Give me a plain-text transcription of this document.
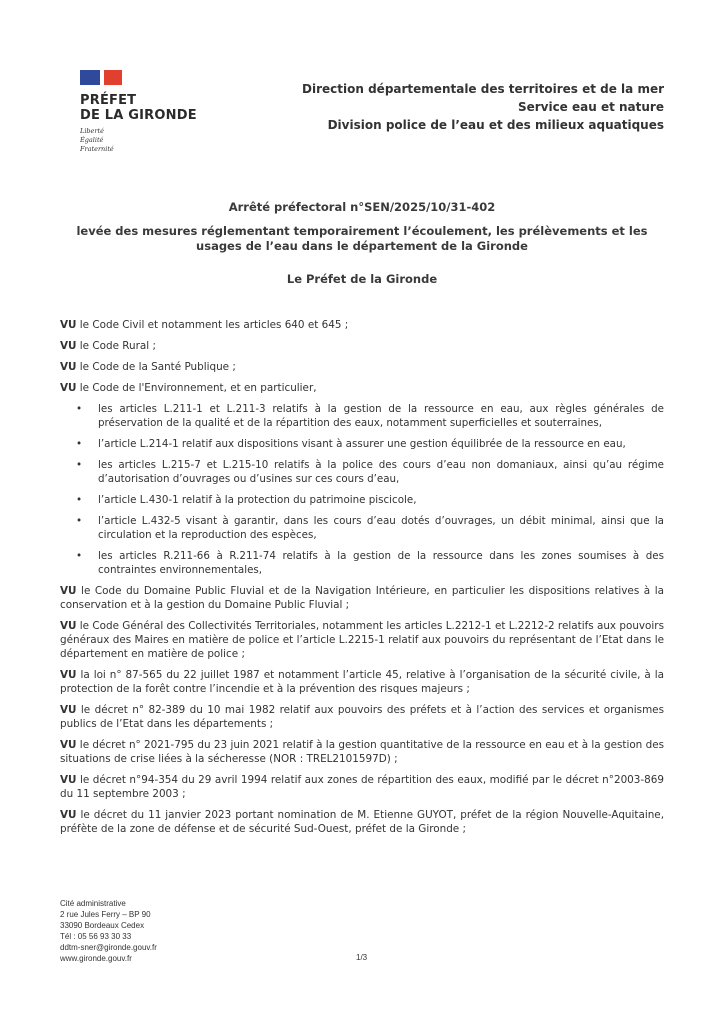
PRÉFET
DE LA GIRONDE
Liberté
Égalité
Fraternité
Direction départementale des territoires et de la mer
Service eau et nature
Division police de l’eau et des milieux aquatiques
Arrêté préfectoral n°SEN/2025/10/31-402
levée des mesures réglementant temporairement l’écoulement, les prélèvements et les
usages de l’eau dans le département de la Gironde
Le Préfet de la Gironde
VU le Code Civil et notamment les articles 640 et 645 ;
VU le Code Rural ;
VU le Code de la Santé Publique ;
VU le Code de l'Environnement, et en particulier,
• les articles L.211-1 et L.211-3 relatifs à la gestion de la ressource en eau, aux règles générales de préservation de la qualité et de la répartition des eaux, notamment superficielles et souterraines,
• l’article L.214-1 relatif aux dispositions visant à assurer une gestion équilibrée de la ressource en eau,
• les articles L.215-7 et L.215-10 relatifs à la police des cours d’eau non domaniaux, ainsi qu’au régime d’autorisation d’ouvrages ou d’usines sur ces cours d’eau,
• l’article L.430-1 relatif à la protection du patrimoine piscicole,
• l’article L.432-5 visant à garantir, dans les cours d’eau dotés d’ouvrages, un débit minimal, ainsi que la circulation et la reproduction des espèces,
• les articles R.211-66 à R.211-74 relatifs à la gestion de la ressource dans les zones soumises à des contraintes environnementales,
VU le Code du Domaine Public Fluvial et de la Navigation Intérieure, en particulier les dispositions relatives à la conservation et à la gestion du Domaine Public Fluvial ;
VU le Code Général des Collectivités Territoriales, notamment les articles L.2212-1 et L.2212-2 relatifs aux pouvoirs généraux des Maires en matière de police et l’article L.2215-1 relatif aux pouvoirs du représentant de l’Etat dans le département en matière de police ;
VU la loi n° 87-565 du 22 juillet 1987 et notamment l’article 45, relative à l’organisation de la sécurité civile, à la protection de la forêt contre l’incendie et à la prévention des risques majeurs ;
VU le décret n° 82-389 du 10 mai 1982 relatif aux pouvoirs des préfets et à l’action des services et organismes publics de l’Etat dans les départements ;
VU le décret n° 2021-795 du 23 juin 2021 relatif à la gestion quantitative de la ressource en eau et à la gestion des situations de crise liées à la sécheresse (NOR : TREL2101597D) ;
VU le décret n°94-354 du 29 avril 1994 relatif aux zones de répartition des eaux, modifié par le décret n°2003-869 du 11 septembre 2003 ;
VU le décret du 11 janvier 2023 portant nomination de M. Etienne GUYOT, préfet de la région Nouvelle-Aquitaine, préfète de la zone de défense et de sécurité Sud-Ouest, préfet de la Gironde ;
Cité administrative
2 rue Jules Ferry – BP 90
33090 Bordeaux Cedex
Tél : 05 56 93 30 33
ddtm-sner@gironde.gouv.fr
www.gironde.gouv.fr	1/3
